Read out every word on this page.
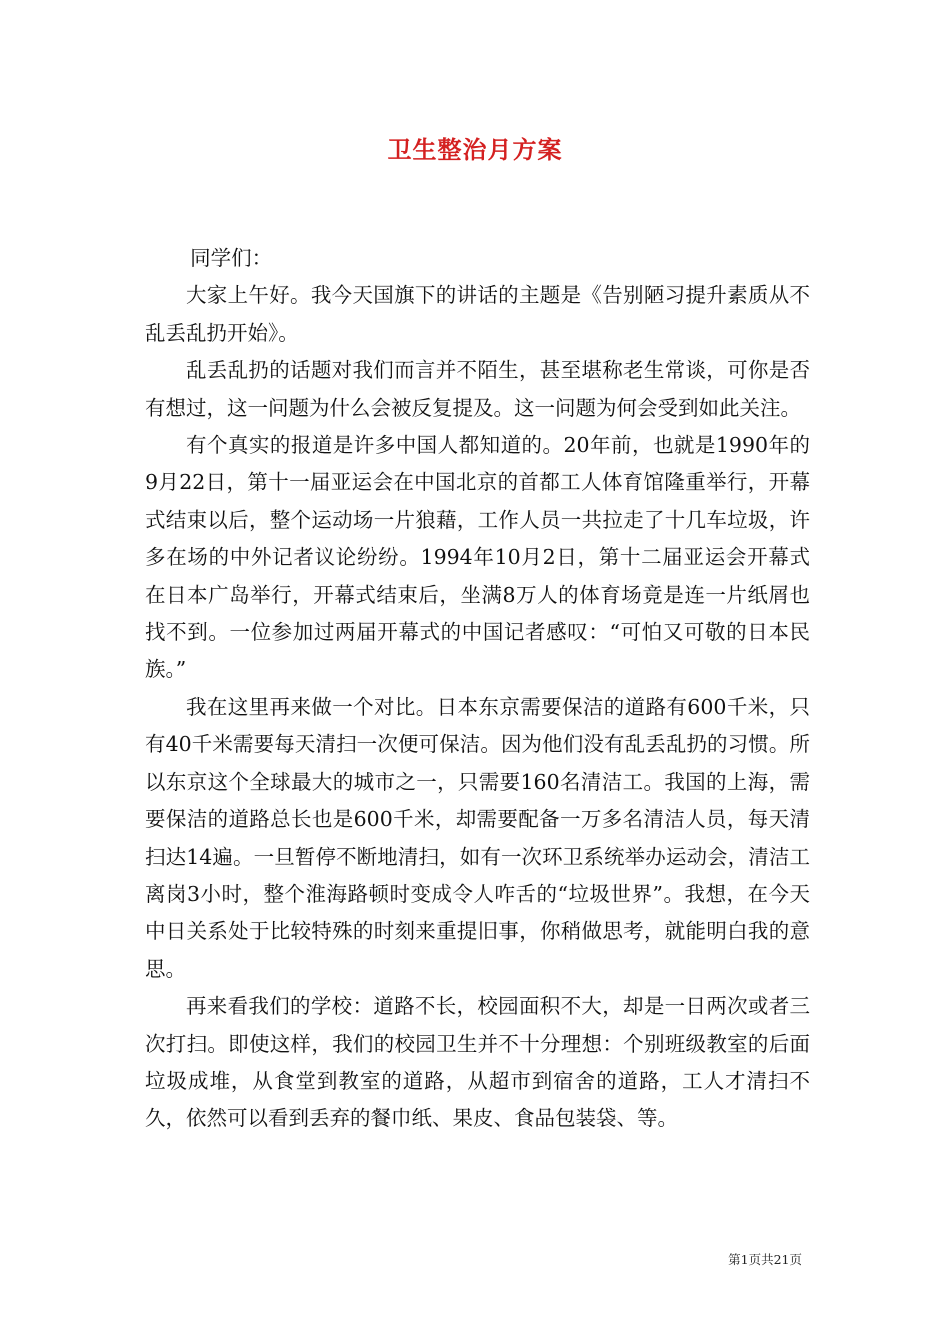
卫生整治月方案

同学们：

大家上午好。我今天国旗下的讲话的主题是《告别陋习提升素质从不乱丢乱扔开始》。

乱丢乱扔的话题对我们而言并不陌生，甚至堪称老生常谈，可你是否有想过，这一问题为什么会被反复提及。这一问题为何会受到如此关注。

有个真实的报道是许多中国人都知道的。20年前，也就是1990年的9月22日，第十一届亚运会在中国北京的首都工人体育馆隆重举行，开幕式结束以后，整个运动场一片狼藉，工作人员一共拉走了十几车垃圾，许多在场的中外记者议论纷纷。1994年10月2日，第十二届亚运会开幕式在日本广岛举行，开幕式结束后，坐满8万人的体育场竟是连一片纸屑也找不到。一位参加过两届开幕式的中国记者感叹：“可怕又可敬的日本民族。”

我在这里再来做一个对比。日本东京需要保洁的道路有600千米，只有40千米需要每天清扫一次便可保洁。因为他们没有乱丢乱扔的习惯。所以东京这个全球最大的城市之一，只需要160名清洁工。我国的上海，需要保洁的道路总长也是600千米，却需要配备一万多名清洁人员，每天清扫达14遍。一旦暂停不断地清扫，如有一次环卫系统举办运动会，清洁工离岗3小时，整个淮海路顿时变成令人咋舌的“垃圾世界”。我想，在今天中日关系处于比较特殊的时刻来重提旧事，你稍做思考，就能明白我的意思。

再来看我们的学校：道路不长，校园面积不大，却是一日两次或者三次打扫。即使这样，我们的校园卫生并不十分理想：个别班级教室的后面垃圾成堆，从食堂到教室的道路，从超市到宿舍的道路，工人才清扫不久，依然可以看到丢弃的餐巾纸、果皮、食品包装袋、等。

第1页共21页
